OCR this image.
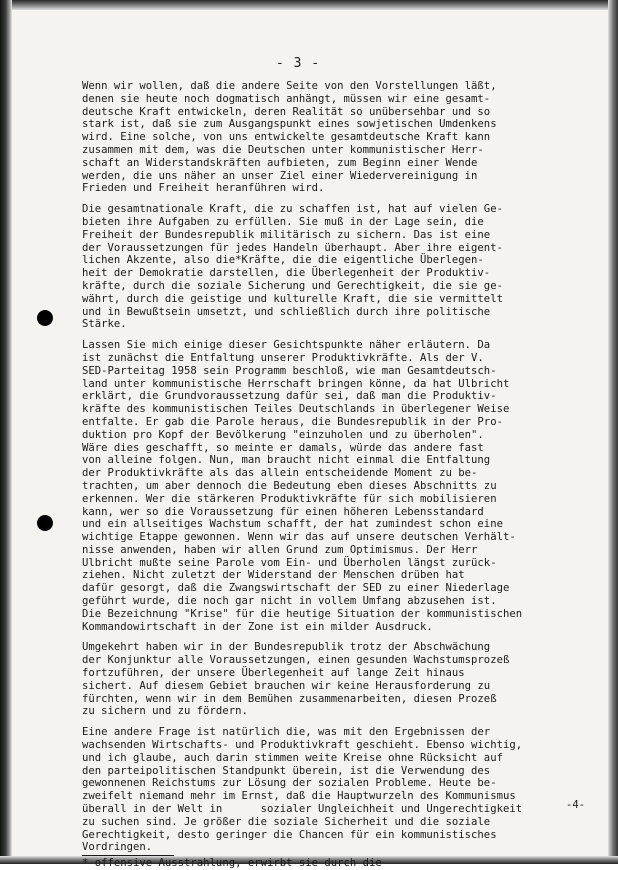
- 3 -

Wenn wir wollen, daß die andere Seite von den Vorstellungen läßt,
denen sie heute noch dogmatisch anhängt, müssen wir eine gesamt-
deutsche Kraft entwickeln, deren Realität so unübersehbar und so
stark ist, daß sie zum Ausgangspunkt eines sowjetischen Umdenkens
wird. Eine solche, von uns entwickelte gesamtdeutsche Kraft kann
zusammen mit dem, was die Deutschen unter kommunistischer Herr-
schaft an Widerstandskräften aufbieten, zum Beginn einer Wende
werden, die uns näher an unser Ziel einer Wiedervereinigung in
Frieden und Freiheit heranführen wird.

Die gesamtnationale Kraft, die zu schaffen ist, hat auf vielen Ge-
bieten ihre Aufgaben zu erfüllen. Sie muß in der Lage sein, die
Freiheit der Bundesrepublik militärisch zu sichern. Das ist eine
der Voraussetzungen für jedes Handeln überhaupt. Aber ihre eigent-
lichen Akzente, also die*Kräfte, die die eigentliche Überlegen-
heit der Demokratie darstellen, die Überlegenheit der Produktiv-
kräfte, durch die soziale Sicherung und Gerechtigkeit, die sie ge-
währt, durch die geistige und kulturelle Kraft, die sie vermittelt
und in Bewußtsein umsetzt, und schließlich durch ihre politische
Stärke.

Lassen Sie mich einige dieser Gesichtspunkte näher erläutern. Da
ist zunächst die Entfaltung unserer Produktivkräfte. Als der V.
SED-Parteitag 1958 sein Programm beschloß, wie man Gesamtdeutsch-
land unter kommunistische Herrschaft bringen könne, da hat Ulbricht
erklärt, die Grundvoraussetzung dafür sei, daß man die Produktiv-
kräfte des kommunistischen Teiles Deutschlands in überlegener Weise
entfalte. Er gab die Parole heraus, die Bundesrepublik in der Pro-
duktion pro Kopf der Bevölkerung "einzuholen und zu überholen".
Wäre dies geschafft, so meinte er damals, würde das andere fast
von alleine folgen. Nun, man braucht nicht einmal die Entfaltung
der Produktivkräfte als das allein entscheidende Moment zu be-
trachten, um aber dennoch die Bedeutung eben dieses Abschnitts zu
erkennen. Wer die stärkeren Produktivkräfte für sich mobilisieren
kann, wer so die Voraussetzung für einen höheren Lebensstandard
und ein allseitiges Wachstum schafft, der hat zumindest schon eine
wichtige Etappe gewonnen. Wenn wir das auf unsere deutschen Verhält-
nisse anwenden, haben wir allen Grund zum Optimismus. Der Herr
Ulbricht mußte seine Parole vom Ein- und Überholen längst zurück-
ziehen. Nicht zuletzt der Widerstand der Menschen drüben hat
dafür gesorgt, daß die Zwangswirtschaft der SED zu einer Niederlage
geführt wurde, die noch gar nicht in vollem Umfang abzusehen ist.
Die Bezeichnung "Krise" für die heutige Situation der kommunistischen
Kommandowirtschaft in der Zone ist ein milder Ausdruck.

Umgekehrt haben wir in der Bundesrepublik trotz der Abschwächung
der Konjunktur alle Voraussetzungen, einen gesunden Wachstumsprozeß
fortzuführen, der unsere Überlegenheit auf lange Zeit hinaus
sichert. Auf diesem Gebiet brauchen wir keine Herausforderung zu
fürchten, wenn wir in dem Bemühen zusammenarbeiten, diesen Prozeß
zu sichern und zu fördern.

Eine andere Frage ist natürlich die, was mit den Ergebnissen der
wachsenden Wirtschafts- und Produktivkraft geschieht. Ebenso wichtig,
und ich glaube, auch darin stimmen weite Kreise ohne Rücksicht auf
den parteipolitischen Standpunkt überein, ist die Verwendung des
gewonnenen Reichstums zur Lösung der sozialen Probleme. Heute be-
zweifelt niemand mehr im Ernst, daß die Hauptwurzeln des Kommunismus
überall in der Welt in      sozialer Ungleichheit und Ungerechtigkeit
zu suchen sind. Je größer die soziale Sicherheit und die soziale
Gerechtigkeit, desto geringer die Chancen für ein kommunistisches
Vordringen.

* offensive Ausstrahlung, erwirbt sie durch die

-4-
